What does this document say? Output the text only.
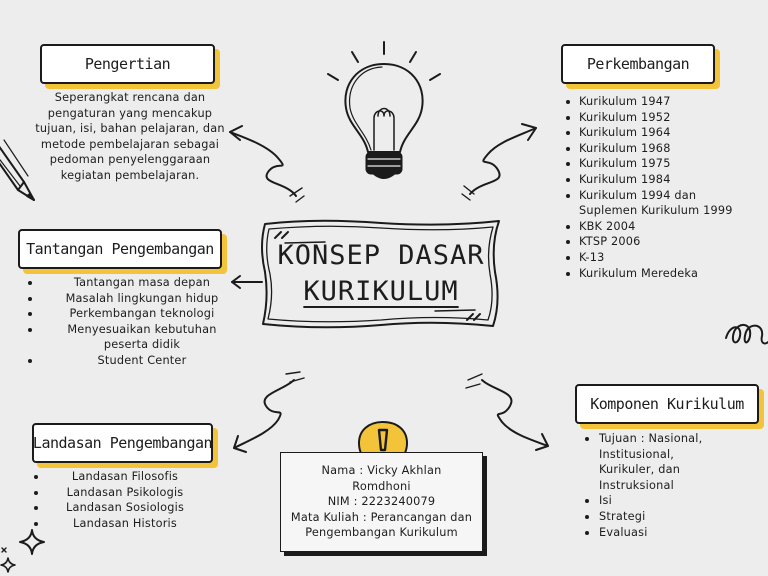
Pengertian
Seperangkat rencana dan
pengaturan yang mencakup
tujuan, isi, bahan pelajaran, dan
metode pembelajaran sebagai
pedoman penyelenggaraan
kegiatan pembelajaran.
Perkembangan
Kurikulum 1947
Kurikulum 1952
Kurikulum 1964
Kurikulum 1968
Kurikulum 1975
Kurikulum 1984
Kurikulum 1994 dan Suplemen Kurikulum 1999
KBK 2004
KTSP 2006
K-13
Kurikulum Meredeka
Tantangan Pengembangan
Tantangan masa depan
Masalah lingkungan hidup
Perkembangan teknologi
Menyesuaikan kebutuhan peserta didik
Student Center
Landasan Pengembangan
Landasan Filosofis
Landasan Psikologis
Landasan Sosiologis
Landasan Historis
Komponen Kurikulum
Tujuan : Nasional, Institusional, Kurikuler, dan Instruksional
Isi
Strategi
Evaluasi
KONSEP DASAR
KURIKULUM
Nama : Vicky Akhlan
Romdhoni
NIM : 2223240079
Mata Kuliah : Perancangan dan
Pengembangan Kurikulum
